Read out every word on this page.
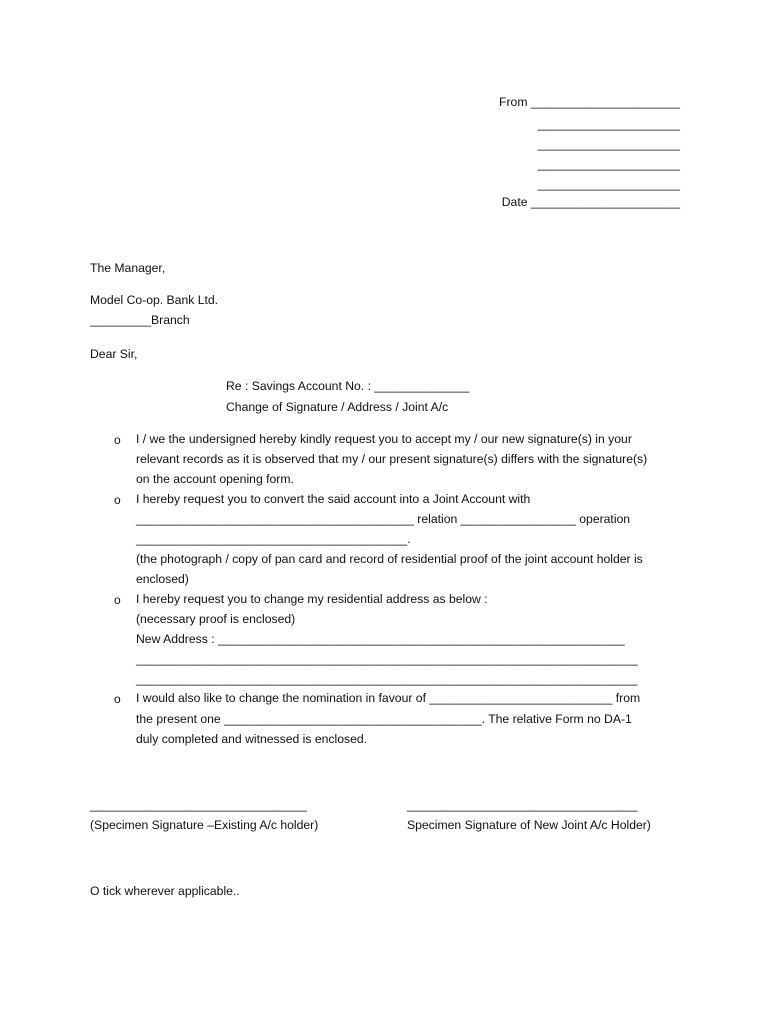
From ______________________
_____________________
_____________________
_____________________
_____________________
Date ______________________
The Manager,
Model Co-op. Bank Ltd.
_________Branch
Dear Sir,
Re : Savings Account No. : ______________
Change of Signature / Address / Joint A/c
o I / we the undersigned hereby kindly request you to accept my / our new signature(s) in your
relevant records as it is observed that my / our present signature(s) differs with the signature(s)
on the account opening form.
o I hereby request you to convert the said account into a Joint Account with
_________________________________________ relation _________________ operation
________________________________________.
(the photograph / copy of pan card and record of residential proof of the joint account holder is
enclosed)
o I hereby request you to change my residential address as below :
(necessary proof is enclosed)
New Address : ____________________________________________________________
__________________________________________________________________________
__________________________________________________________________________
o I would also like to change the nomination in favour of ___________________________ from
the present one ______________________________________. The relative Form no DA-1
duly completed and witnessed is enclosed.
________________________________
(Specimen Signature –Existing A/c holder)
__________________________________
Specimen Signature of New Joint A/c Holder)
O tick wherever applicable..
